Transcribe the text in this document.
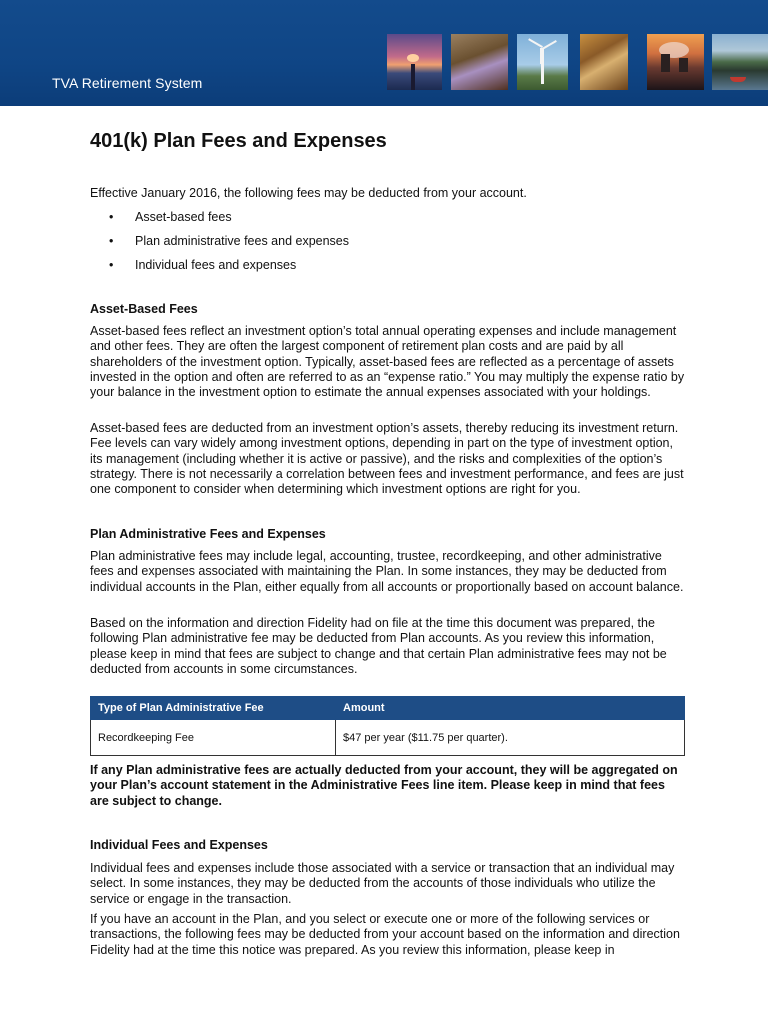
TVA Retirement System
401(k) Plan Fees and Expenses

Effective January 2016, the following fees may be deducted from your account.

• Asset-based fees
• Plan administrative fees and expenses
• Individual fees and expenses
Asset-Based Fees

Asset-based fees reflect an investment option’s total annual operating expenses and include management and other fees. They are often the largest component of retirement plan costs and are paid by all shareholders of the investment option. Typically, asset-based fees are reflected as a percentage of assets invested in the option and often are referred to as an “expense ratio.” You may multiply the expense ratio by your balance in the investment option to estimate the annual expenses associated with your holdings.

Asset-based fees are deducted from an investment option’s assets, thereby reducing its investment return. Fee levels can vary widely among investment options, depending in part on the type of investment option, its management (including whether it is active or passive), and the risks and complexities of the option’s strategy. There is not necessarily a correlation between fees and investment performance, and fees are just one component to consider when determining which investment options are right for you.

Plan Administrative Fees and Expenses

Plan administrative fees may include legal, accounting, trustee, recordkeeping, and other administrative fees and expenses associated with maintaining the Plan. In some instances, they may be deducted from individual accounts in the Plan, either equally from all accounts or proportionally based on account balance.

Based on the information and direction Fidelity had on file at the time this document was prepared, the following Plan administrative fee may be deducted from Plan accounts. As you review this information, please keep in mind that fees are subject to change and that certain Plan administrative fees may not be deducted from accounts in some circumstances.

Type of Plan Administrative Fee	Amount
Recordkeeping Fee	$47 per year ($11.75 per quarter).

If any Plan administrative fees are actually deducted from your account, they will be aggregated on your Plan’s account statement in the Administrative Fees line item. Please keep in mind that fees are subject to change.

Individual Fees and Expenses

Individual fees and expenses include those associated with a service or transaction that an individual may select. In some instances, they may be deducted from the accounts of those individuals who utilize the service or engage in the transaction.

If you have an account in the Plan, and you select or execute one or more of the following services or transactions, the following fees may be deducted from your account based on the information and direction Fidelity had at the time this notice was prepared. As you review this information, please keep in
